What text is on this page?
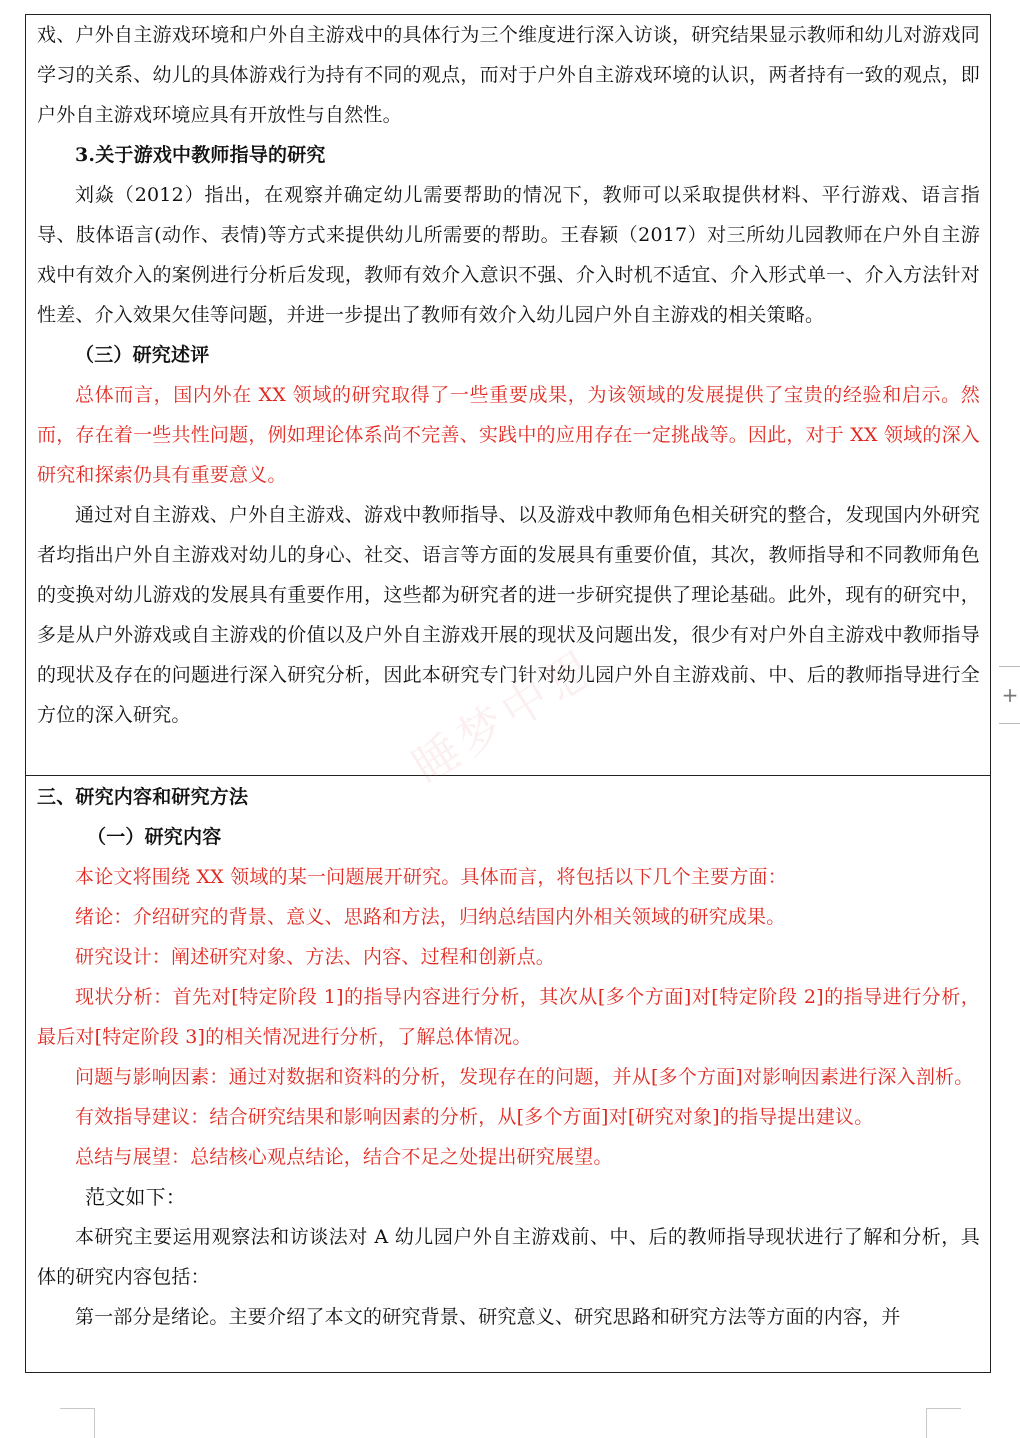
戏、户外自主游戏环境和户外自主游戏中的具体行为三个维度进行深入访谈，研究结果显示教师和幼儿对游戏同学习的关系、幼儿的具体游戏行为持有不同的观点，而对于户外自主游戏环境的认识，两者持有一致的观点，即户外自主游戏环境应具有开放性与自然性。

3.关于游戏中教师指导的研究

刘焱（2012）指出，在观察并确定幼儿需要帮助的情况下，教师可以采取提供材料、平行游戏、语言指导、肢体语言(动作、表情)等方式来提供幼儿所需要的帮助。王春颖（2017）对三所幼儿园教师在户外自主游戏中有效介入的案例进行分析后发现，教师有效介入意识不强、介入时机不适宜、介入形式单一、介入方法针对性差、介入效果欠佳等问题，并进一步提出了教师有效介入幼儿园户外自主游戏的相关策略。

（三）研究述评

总体而言，国内外在 XX 领域的研究取得了一些重要成果，为该领域的发展提供了宝贵的经验和启示。然而，存在着一些共性问题，例如理论体系尚不完善、实践中的应用存在一定挑战等。因此，对于 XX 领域的深入研究和探索仍具有重要意义。

通过对自主游戏、户外自主游戏、游戏中教师指导、以及游戏中教师角色相关研究的整合，发现国内外研究者均指出户外自主游戏对幼儿的身心、社交、语言等方面的发展具有重要价值，其次，教师指导和不同教师角色的变换对幼儿游戏的发展具有重要作用，这些都为研究者的进一步研究提供了理论基础。此外，现有的研究中，多是从户外游戏或自主游戏的价值以及户外自主游戏开展的现状及问题出发，很少有对户外自主游戏中教师指导的现状及存在的问题进行深入研究分析，因此本研究专门针对幼儿园户外自主游戏前、中、后的教师指导进行全方位的深入研究。

三、研究内容和研究方法

（一）研究内容

本论文将围绕 XX 领域的某一问题展开研究。具体而言，将包括以下几个主要方面：

绪论：介绍研究的背景、意义、思路和方法，归纳总结国内外相关领域的研究成果。

研究设计：阐述研究对象、方法、内容、过程和创新点。

现状分析：首先对[特定阶段 1]的指导内容进行分析，其次从[多个方面]对[特定阶段 2]的指导进行分析，最后对[特定阶段 3]的相关情况进行分析，了解总体情况。

问题与影响因素：通过对数据和资料的分析，发现存在的问题，并从[多个方面]对影响因素进行深入剖析。

有效指导建议：结合研究结果和影响因素的分析，从[多个方面]对[研究对象]的指导提出建议。

总结与展望：总结核心观点结论，结合不足之处提出研究展望。

范文如下：

本研究主要运用观察法和访谈法对 A 幼儿园户外自主游戏前、中、后的教师指导现状进行了解和分析，具体的研究内容包括：

第一部分是绪论。主要介绍了本文的研究背景、研究意义、研究思路和研究方法等方面的内容，并

睡梦中思	+
